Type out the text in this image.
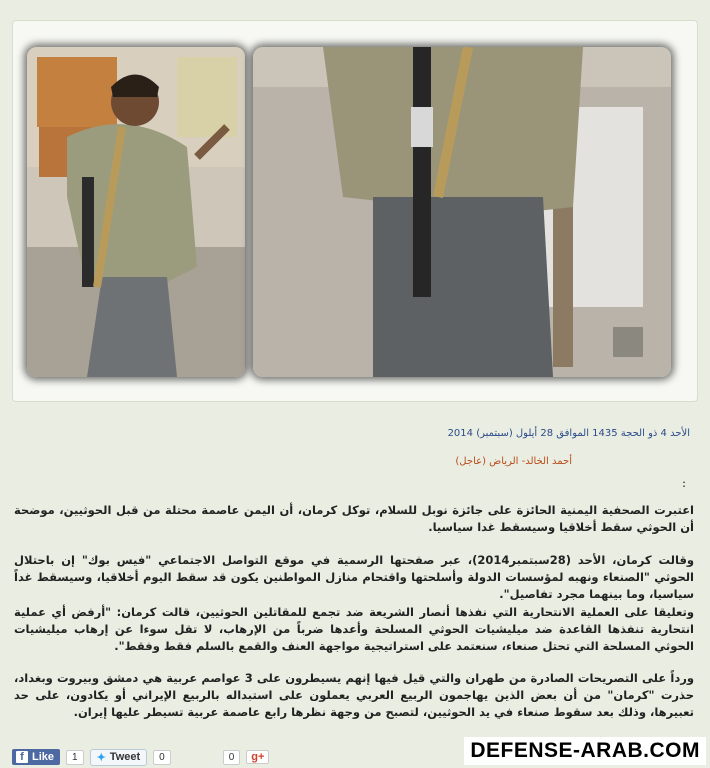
الأحد 4 ذو الحجة 1435 الموافق 28 أيلول (سبتمبر) 2014
أحمد الخالد- الرياض (عاجل)
:

اعتبرت الصحفية اليمنية الحائزة على جائزة نوبل للسلام، توكل كرمان، أن اليمن عاصمة محتلة من قبل الحوثيين، موضحة أن الحوثي سقط أخلاقيا وسيسقط غدا سياسيا.

وقالت كرمان، الأحد (28سبتمبر2014)، عبر صفحتها الرسمية في موقع التواصل الاجتماعي "فيس بوك" إن باحتلال الحوثي "الصنعاء ونهبه لمؤسسات الدولة وأسلحتها واقتحام منازل المواطنين يكون قد سقط اليوم أخلاقيا، وسيسقط غداً سياسيا، وما بينهما مجرد تفاصيل".

وتعليقا على العملية الانتحارية التي نفذها أنصار الشريعة ضد تجمع للمقاتلين الحوثيين، قالت كرمان: "أرفض أي عملية انتحارية تنفذها القاعدة ضد ميليشيات الحوثي المسلحة وأعدها ضرباً من الإرهاب، لا تقل سوءا عن إرهاب ميليشيات الحوثي المسلحة التي تحتل صنعاء، سنعتمد على استراتيجية مواجهة العنف والقمع بالسلم فقط وفقط".

ورداً على التصريحات الصادرة من طهران والتي قيل فيها إنهم يسيطرون على 3 عواصم عربية هي دمشق وبيروت وبغداد، حذرت "كرمان" من أن بعض الذين يهاجمون الربيع العربي يعملون على استبداله بالربيع الإيراني أو يكادون، على حد تعبيرها، وذلك بعد سقوط صنعاء في يد الحوثيين، لتصبح من وجهة نظرها رابع عاصمة عربية تسيطر عليها إيران.

f Like	1	✦ Tweet	0	0	g+	DEFENSE-ARAB.COM
